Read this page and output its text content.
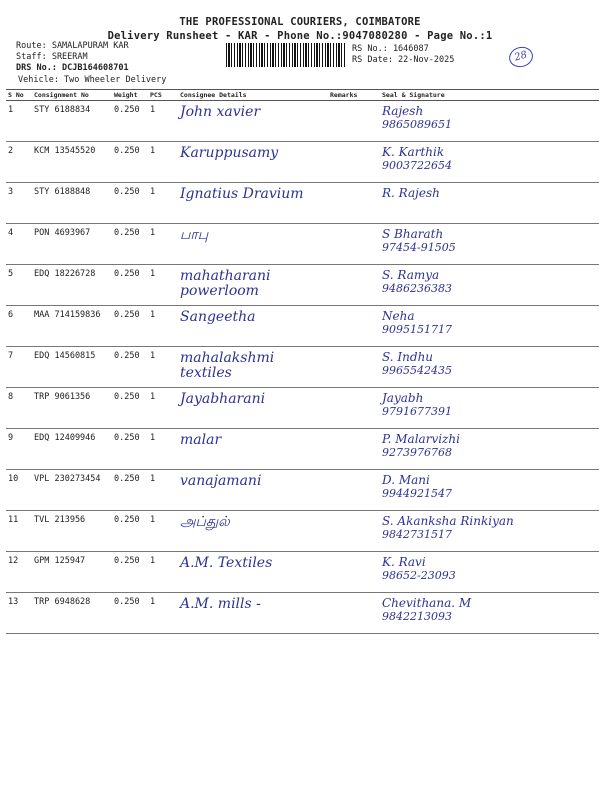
THE PROFESSIONAL COURIERS, COIMBATORE
Delivery Runsheet - KAR - Phone No.:9047080280 - Page No.:1
Route: SAMALAPURAM KAR
Staff: SREERAM
DRS No.: DCJB164608701
Vehicle: Two Wheeler Delivery
RS No.: 1646087
RS Date: 22-Nov-2025	28
S No	Consignment No	Weight	PCS	Consignee Details	Remarks	Seal & Signature
1	STY 6188834	0.250	1	John xavier		Rajesh
9865089651

2	KCM 13545520	0.250	1	Karuppusamy		K. Karthik
9003722654

3	STY 6188848	0.250	1	Ignatius Dravium		R. Rajesh

4	PON 4693967	0.250	1	பாபு		S Bharath
97454-91505

5	EDQ 18226728	0.250	1	mahatharani powerloom		S. Ramya
9486236383

6	MAA 714159836	0.250	1	Sangeetha		Neha
9095151717

7	EDQ 14560815	0.250	1	mahalakshmi textiles		S. Indhu
9965542435

8	TRP 9061356	0.250	1	Jayabharani		Jayabh
9791677391

9	EDQ 12409946	0.250	1	malar		P. Malarvizhi
9273976768

10	VPL 230273454	0.250	1	vanajamani		D. Mani
9944921547

11	TVL 213956	0.250	1	அப்துல்		S. Akanksha Rinkiyan
9842731517

12	GPM 125947	0.250	1	A.M. Textiles		K. Ravi
98652-23093

13	TRP 6948628	0.250	1	A.M. mills -		Chevithana. M
9842213093
